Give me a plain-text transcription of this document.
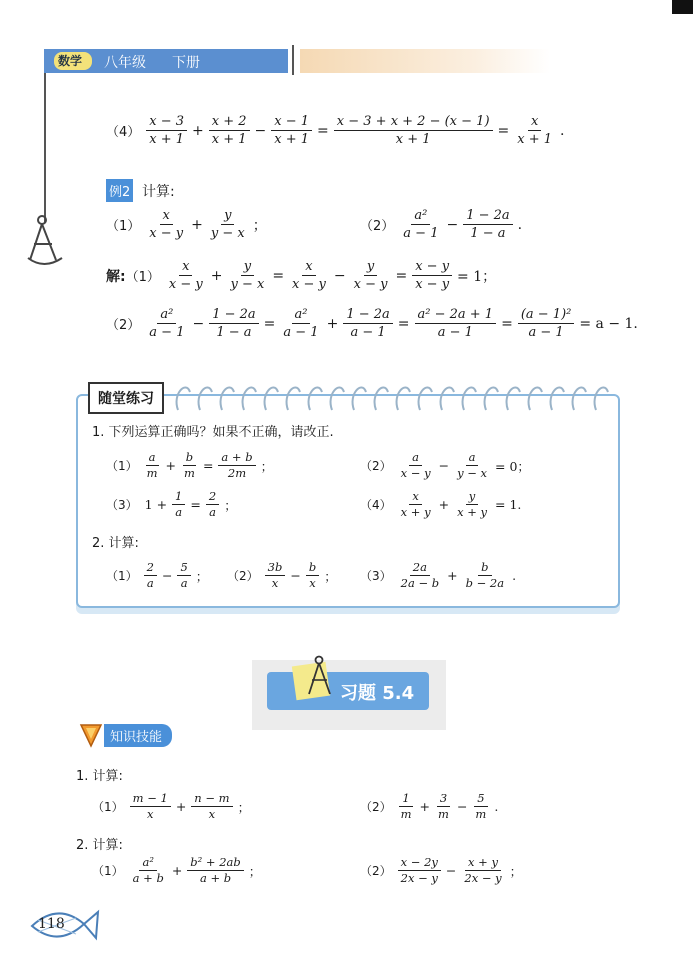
数学 八年级 下册
$(4) \frac{x - 3}{x + 1} + \frac{x + 2}{x + 1} - \frac{x - 1}{x + 1} = \frac{x - 3 + x + 2 - (x - 1)}{x + 1} = \frac{x}{x + 1}$ .
例2 计算:
$(1) \frac{x}{x - y} + \frac{y}{y - x}$ ；	$(2) \frac{\text{a²}}{a - 1} - \frac{1 - 2a}{1 - a}$ .
解: $(1) \frac{x}{x - y} + \frac{y}{y - x} = \frac{x}{x - y} - \frac{y}{x - y} = \frac{x - y}{x - y} = 1$；
$(2) \frac{\text{a²}}{a - 1} - \frac{1 - 2a}{1 - a} = \frac{\text{a²}}{a - 1} + \frac{1 - 2a}{a - 1} = \frac{\text{a² − 2a + 1}}{a - 1} = \frac{\text{(a − 1)²}}{a - 1} = a - 1$.
随堂练习
1. 下列运算正确吗？如果不正确，请改正.
$(1) \frac{a}{m} + \frac{b}{m} = \frac{a + b}{2m}$ ；	$(2) \frac{a}{x - y} - \frac{a}{y - x} = 0$；
（3） $1 + \frac{1}{a} = \frac{2}{a}$ ；	$(4) \frac{x}{x + y} + \frac{y}{x + y} = 1$.
2. 计算:
$(1) \frac{2}{a} - \frac{5}{a}$ ； $(2) \frac{3b}{x} - \frac{b}{x}$ ； $(3) \frac{2a}{2a - b} + \frac{b}{b - 2a}$ .
习题 5.4
知识技能
1. 计算:
$(1) \frac{m - 1}{x} + \frac{n - m}{x}$ ；	$(2) \frac{1}{m} + \frac{3}{m} - \frac{5}{m}$ .
2. 计算:
$(1) \frac{\text{a²}}{a + b} + \frac{\text{b² + 2ab}}{a + b}$ ；	$(2) \frac{x - 2y}{2x - y} - \frac{x + y}{2x - y}$ ；
118
